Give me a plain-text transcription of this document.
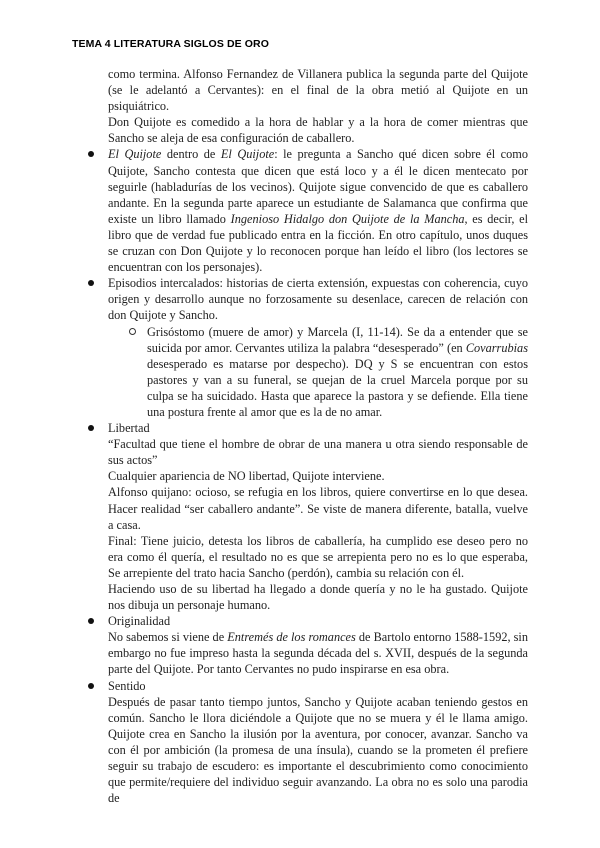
TEMA 4 LITERATURA SIGLOS DE ORO

como termina. Alfonso Fernandez de Villanera publica la segunda parte del Quijote (se le adelantó a Cervantes): en el final de la obra metió al Quijote en un psiquiátrico.

Don Quijote es comedido a la hora de hablar y a la hora de comer mientras que Sancho se aleja de esa configuración de caballero.

El Quijote dentro de El Quijote: le pregunta a Sancho qué dicen sobre él como Quijote, Sancho contesta que dicen que está loco y a él le dicen mentecato por seguirle (habladurías de los vecinos). Quijote sigue convencido de que es caballero andante. En la segunda parte aparece un estudiante de Salamanca que confirma que existe un libro llamado Ingenioso Hidalgo don Quijote de la Mancha, es decir, el libro que de verdad fue publicado entra en la ficción. En otro capítulo, unos duques se cruzan con Don Quijote y lo reconocen porque han leído el libro (los lectores se encuentran con los personajes).

Episodios intercalados: historias de cierta extensión, expuestas con coherencia, cuyo origen y desarrollo aunque no forzosamente su desenlace, carecen de relación con don Quijote y Sancho.

Grisóstomo (muere de amor) y Marcela (I, 11-14). Se da a entender que se suicida por amor. Cervantes utiliza la palabra “desesperado” (en Covarrubias desesperado es matarse por despecho). DQ y S se encuentran con estos pastores y van a su funeral, se quejan de la cruel Marcela porque por su culpa se ha suicidado. Hasta que aparece la pastora y se defiende. Ella tiene una postura frente al amor que es la de no amar.

Libertad

“Facultad que tiene el hombre de obrar de una manera u otra siendo responsable de sus actos”

Cualquier apariencia de NO libertad, Quijote interviene.

Alfonso quijano: ocioso, se refugia en los libros, quiere convertirse en lo que desea. Hacer realidad “ser caballero andante”. Se viste de manera diferente, batalla, vuelve a casa.

Final: Tiene juicio, detesta los libros de caballería, ha cumplido ese deseo pero no era como él quería, el resultado no es que se arrepienta pero no es lo que esperaba, Se arrepiente del trato hacia Sancho (perdón), cambia su relación con él.

Haciendo uso de su libertad ha llegado a donde quería y no le ha gustado. Quijote nos dibuja un personaje humano.

Originalidad

No sabemos si viene de Entremés de los romances de Bartolo entorno 1588-1592, sin embargo no fue impreso hasta la segunda década del s. XVII, después de la segunda parte del Quijote. Por tanto Cervantes no pudo inspirarse en esa obra.

Sentido

Después de pasar tanto tiempo juntos, Sancho y Quijote acaban teniendo gestos en común. Sancho le llora diciéndole a Quijote que no se muera y él le llama amigo. Quijote crea en Sancho la ilusión por la aventura, por conocer, avanzar. Sancho va con él por ambición (la promesa de una ínsula), cuando se la prometen él prefiere seguir su trabajo de escudero: es importante el descubrimiento como conocimiento que permite/requiere del individuo seguir avanzando. La obra no es solo una parodia de
